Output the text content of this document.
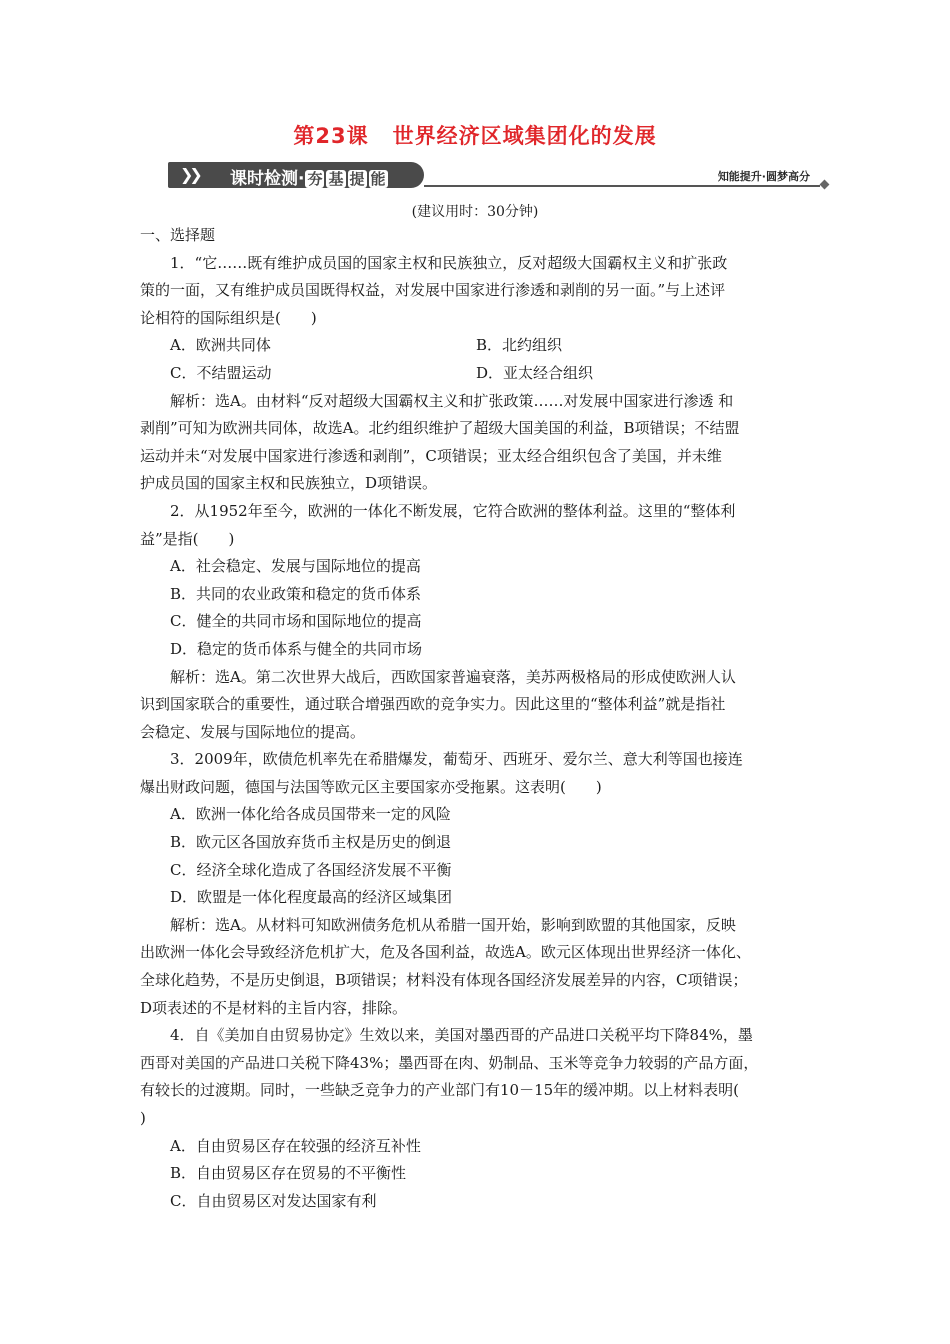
第23课 世界经济区域集团化的发展
❯❯ 课时检测· 夯 基 提 能	知能提升·圆梦高分
(建议用时：30分钟)
一、选择题
1．“它……既有维护成员国的国家主权和民族独立，反对超级大国霸权主义和扩张政
策的一面，又有维护成员国既得权益，对发展中国家进行渗透和剥削的另一面。”与上述评
论相符的国际组织是(　　)
A．欧洲共同体	B．北约组织
C．不结盟运动	D．亚太经合组织
解析：选A。由材料“反对超级大国霸权主义和扩张政策……对发展中国家进行渗透 和
剥削”可知为欧洲共同体，故选A。北约组织维护了超级大国美国的利益，B项错误；不结盟
运动并未“对发展中国家进行渗透和剥削”，C项错误；亚太经合组织包含了美国，并未维
护成员国的国家主权和民族独立，D项错误。
2．从1952年至今，欧洲的一体化不断发展，它符合欧洲的整体利益。这里的“整体利
益”是指(　　)
A．社会稳定、发展与国际地位的提高
B．共同的农业政策和稳定的货币体系
C．健全的共同市场和国际地位的提高
D．稳定的货币体系与健全的共同市场
解析：选A。第二次世界大战后，西欧国家普遍衰落，美苏两极格局的形成使欧洲人认
识到国家联合的重要性，通过联合增强西欧的竞争实力。因此这里的“整体利益”就是指社
会稳定、发展与国际地位的提高。
3．2009年，欧债危机率先在希腊爆发，葡萄牙、西班牙、爱尔兰、意大利等国也接连
爆出财政问题，德国与法国等欧元区主要国家亦受拖累。这表明(　　)
A．欧洲一体化给各成员国带来一定的风险
B．欧元区各国放弃货币主权是历史的倒退
C．经济全球化造成了各国经济发展不平衡
D．欧盟是一体化程度最高的经济区域集团
解析：选A。从材料可知欧洲债务危机从希腊一国开始，影响到欧盟的其他国家，反映
出欧洲一体化会导致经济危机扩大，危及各国利益，故选A。欧元区体现出世界经济一体化、
全球化趋势，不是历史倒退，B项错误；材料没有体现各国经济发展差异的内容，C项错误；
D项表述的不是材料的主旨内容，排除。
4．自《美加自由贸易协定》生效以来，美国对墨西哥的产品进口关税平均下降84%，墨
西哥对美国的产品进口关税下降43%；墨西哥在肉、奶制品、玉米等竞争力较弱的产品方面，
有较长的过渡期。同时，一些缺乏竞争力的产业部门有10－15年的缓冲期。以上材料表明(
)
A．自由贸易区存在较强的经济互补性
B．自由贸易区存在贸易的不平衡性
C．自由贸易区对发达国家有利
